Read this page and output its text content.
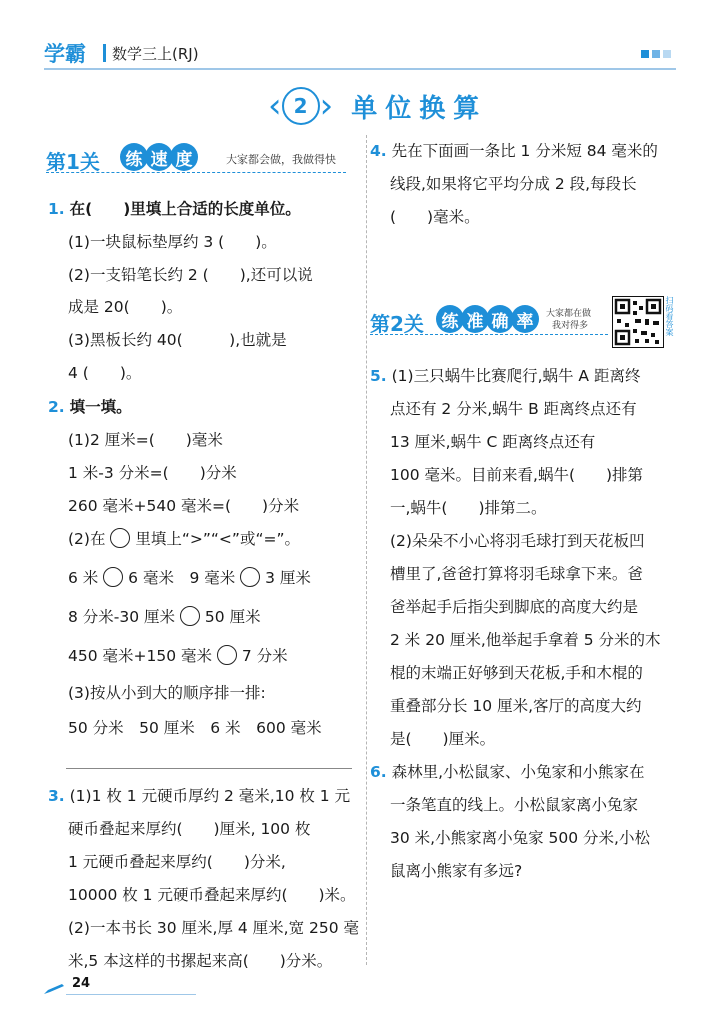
学霸 数学三上(RJ)
‹ 2 › 单位换算
第1关	练 速 度	大家都会做，我做得快
1. 在(　　)里填上合适的长度单位。
(1)一块鼠标垫厚约 3 (　　)。
(2)一支铅笔长约 2 (　　),还可以说
成是 20(　　)。
(3)黑板长约 40(　　　),也就是
4 (　　)。
2. 填一填。
(1)2 厘米=(　　)毫米
1 米-3 分米=(　　)分米
260 毫米+540 毫米=(　　)分米
(2)在 里填上“>”“<”或“=”。
6 米 6 毫米　9 毫米 3 厘米
8 分米-30 厘米 50 厘米
450 毫米+150 毫米 7 分米
(3)按从小到大的顺序排一排:
50 分米　50 厘米　6 米　600 毫米
3. (1)1 枚 1 元硬币厚约 2 毫米,10 枚 1 元
硬币叠起来厚约(　　)厘米, 100 枚
1 元硬币叠起来厚约(　　)分米,
10000 枚 1 元硬币叠起来厚约(　　)米。
(2)一本书长 30 厘米,厚 4 厘米,宽 250 毫
米,5 本这样的书摞起来高(　　)分米。
4. 先在下面画一条比 1 分米短 84 毫米的
线段,如果将它平均分成 2 段,每段长
(　　)毫米。
第2关	练 准 确 率	大家都在做
我对得多	扫码看答案
5. (1)三只蜗牛比赛爬行,蜗牛 A 距离终
点还有 2 分米,蜗牛 B 距离终点还有
13 厘米,蜗牛 C 距离终点还有
100 毫米。目前来看,蜗牛(　　)排第
一,蜗牛(　　)排第二。
(2)朵朵不小心将羽毛球打到天花板凹
槽里了,爸爸打算将羽毛球拿下来。爸
爸举起手后指尖到脚底的高度大约是
2 米 20 厘米,他举起手拿着 5 分米的木
棍的末端正好够到天花板,手和木棍的
重叠部分长 10 厘米,客厅的高度大约
是(　　)厘米。
6. 森林里,小松鼠家、小兔家和小熊家在
一条笔直的线上。小松鼠家离小兔家
30 米,小熊家离小兔家 500 分米,小松
鼠离小熊家有多远?
24
